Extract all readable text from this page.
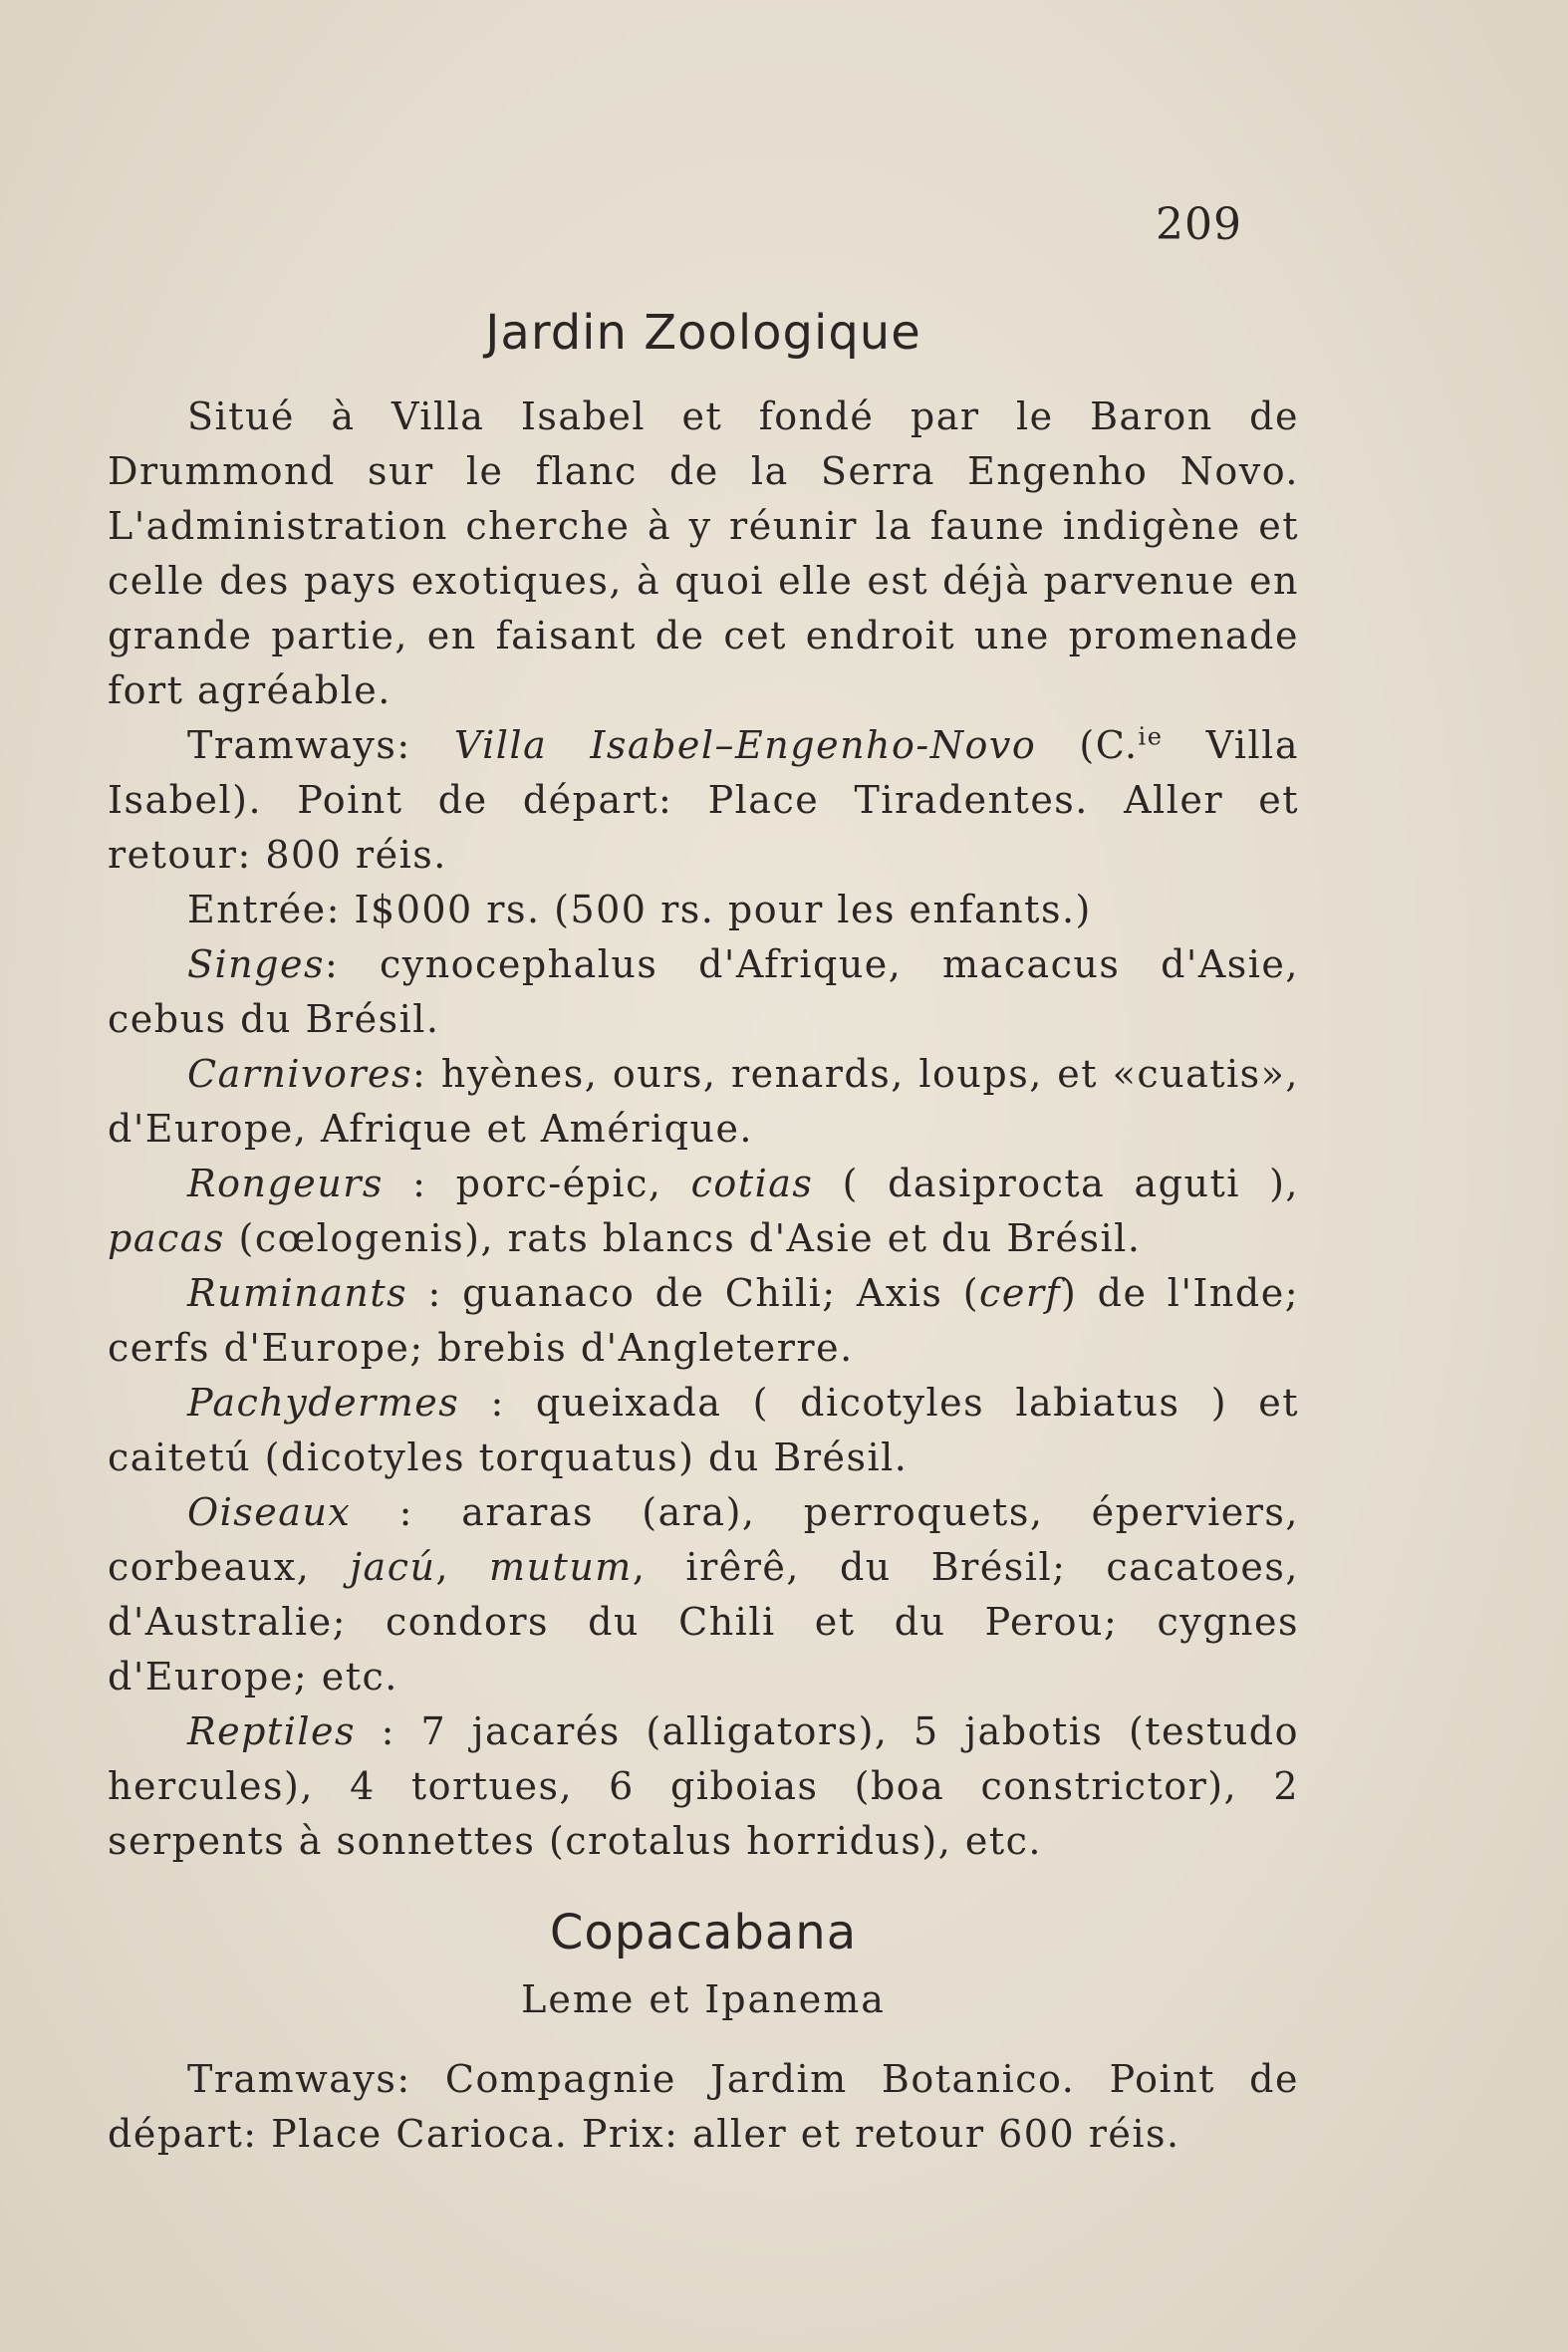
209
Jardin Zoologique

Situé à Villa Isabel et fondé par le Baron de Drummond sur le flanc de la Serra Engenho Novo. L'administration cherche à y réunir la faune indigène et celle des pays exotiques, à quoi elle est déjà parvenue en grande partie, en faisant de cet endroit une promenade fort agréable.

Tramways: Villa Isabel–Engenho-Novo (C.$^{ie}$ Villa Isabel). Point de départ: Place Tiradentes. Aller et retour: 800 réis.

Entrée: I$000 rs. (500 rs. pour les enfants.)

Singes: cynocephalus d'Afrique, macacus d'Asie, cebus du Brésil.

Carnivores: hyènes, ours, renards, loups, et «cuatis», d'Europe, Afrique et Amérique.

Rongeurs : porc-épic, cotias ( dasiprocta aguti ), pacas (cœlogenis), rats blancs d'Asie et du Brésil.

Ruminants : guanaco de Chili; Axis (cerf) de l'Inde; cerfs d'Europe; brebis d'Angleterre.

Pachydermes : queixada ( dicotyles labiatus ) et caitetú (dicotyles torquatus) du Brésil.

Oiseaux : araras (ara), perroquets, éperviers, corbeaux, jacú, mutum, irêrê, du Brésil; cacatoes, d'Australie; condors du Chili et du Perou; cygnes d'Europe; etc.

Reptiles : 7 jacarés (alligators), 5 jabotis (testudo hercules), 4 tortues, 6 giboias (boa constrictor), 2 serpents à sonnettes (crotalus horridus), etc.

Copacabana
Leme et Ipanema

Tramways: Compagnie Jardim Botanico. Point de départ: Place Carioca. Prix: aller et retour 600 réis.
